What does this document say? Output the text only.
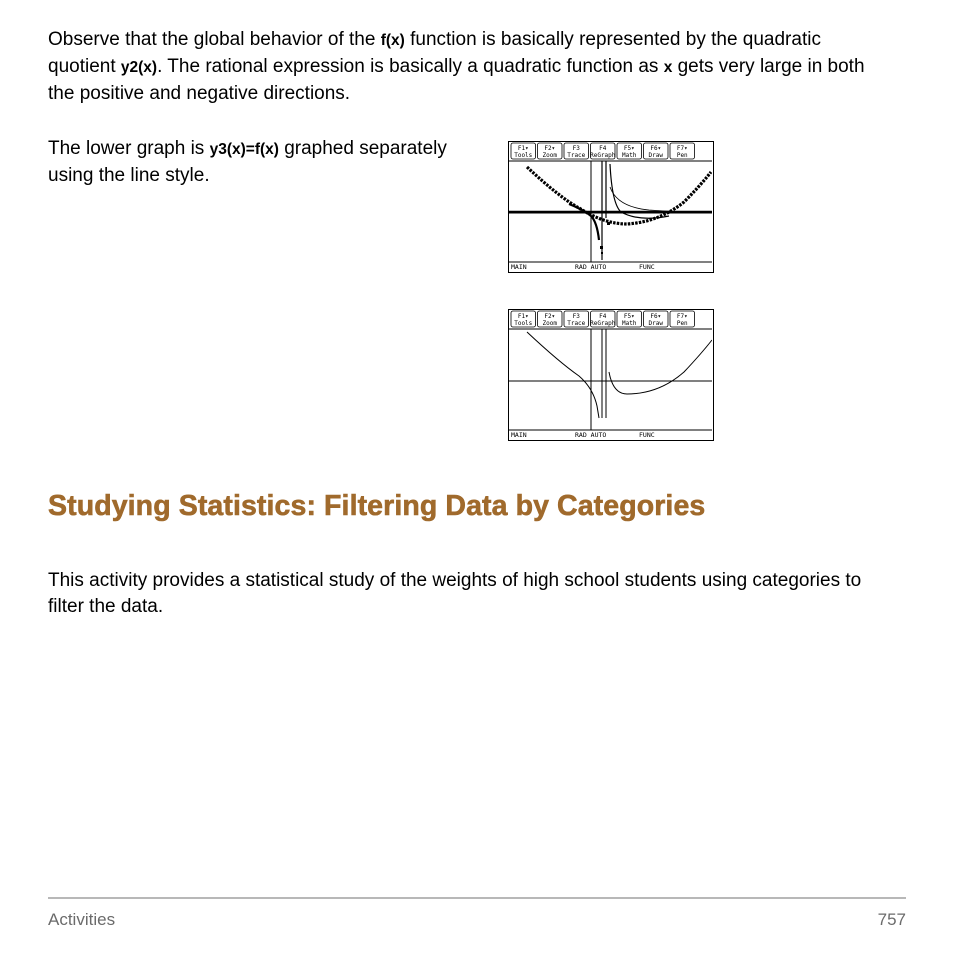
Observe that the global behavior of the f(x) function is basically represented by the quadratic quotient y2(x). The rational expression is basically a quadratic function as x gets very large in both the positive and negative directions.
The lower graph is y3(x)=f(x) graphed separately using the line style.
F1▾
Tools
F2▾
Zoom
F3
Trace
F4
ReGraph
F5▾
Math
F6▾
Draw
F7▾
Pen
MAIN	RAD AUTO	FUNC
F1▾
Tools
F2▾
Zoom
F3
Trace
F4
ReGraph
F5▾
Math
F6▾
Draw
F7▾
Pen
MAIN	RAD AUTO	FUNC
Studying Statistics: Filtering Data by Categories
This activity provides a statistical study of the weights of high school students using categories to filter the data.
Activities	757
